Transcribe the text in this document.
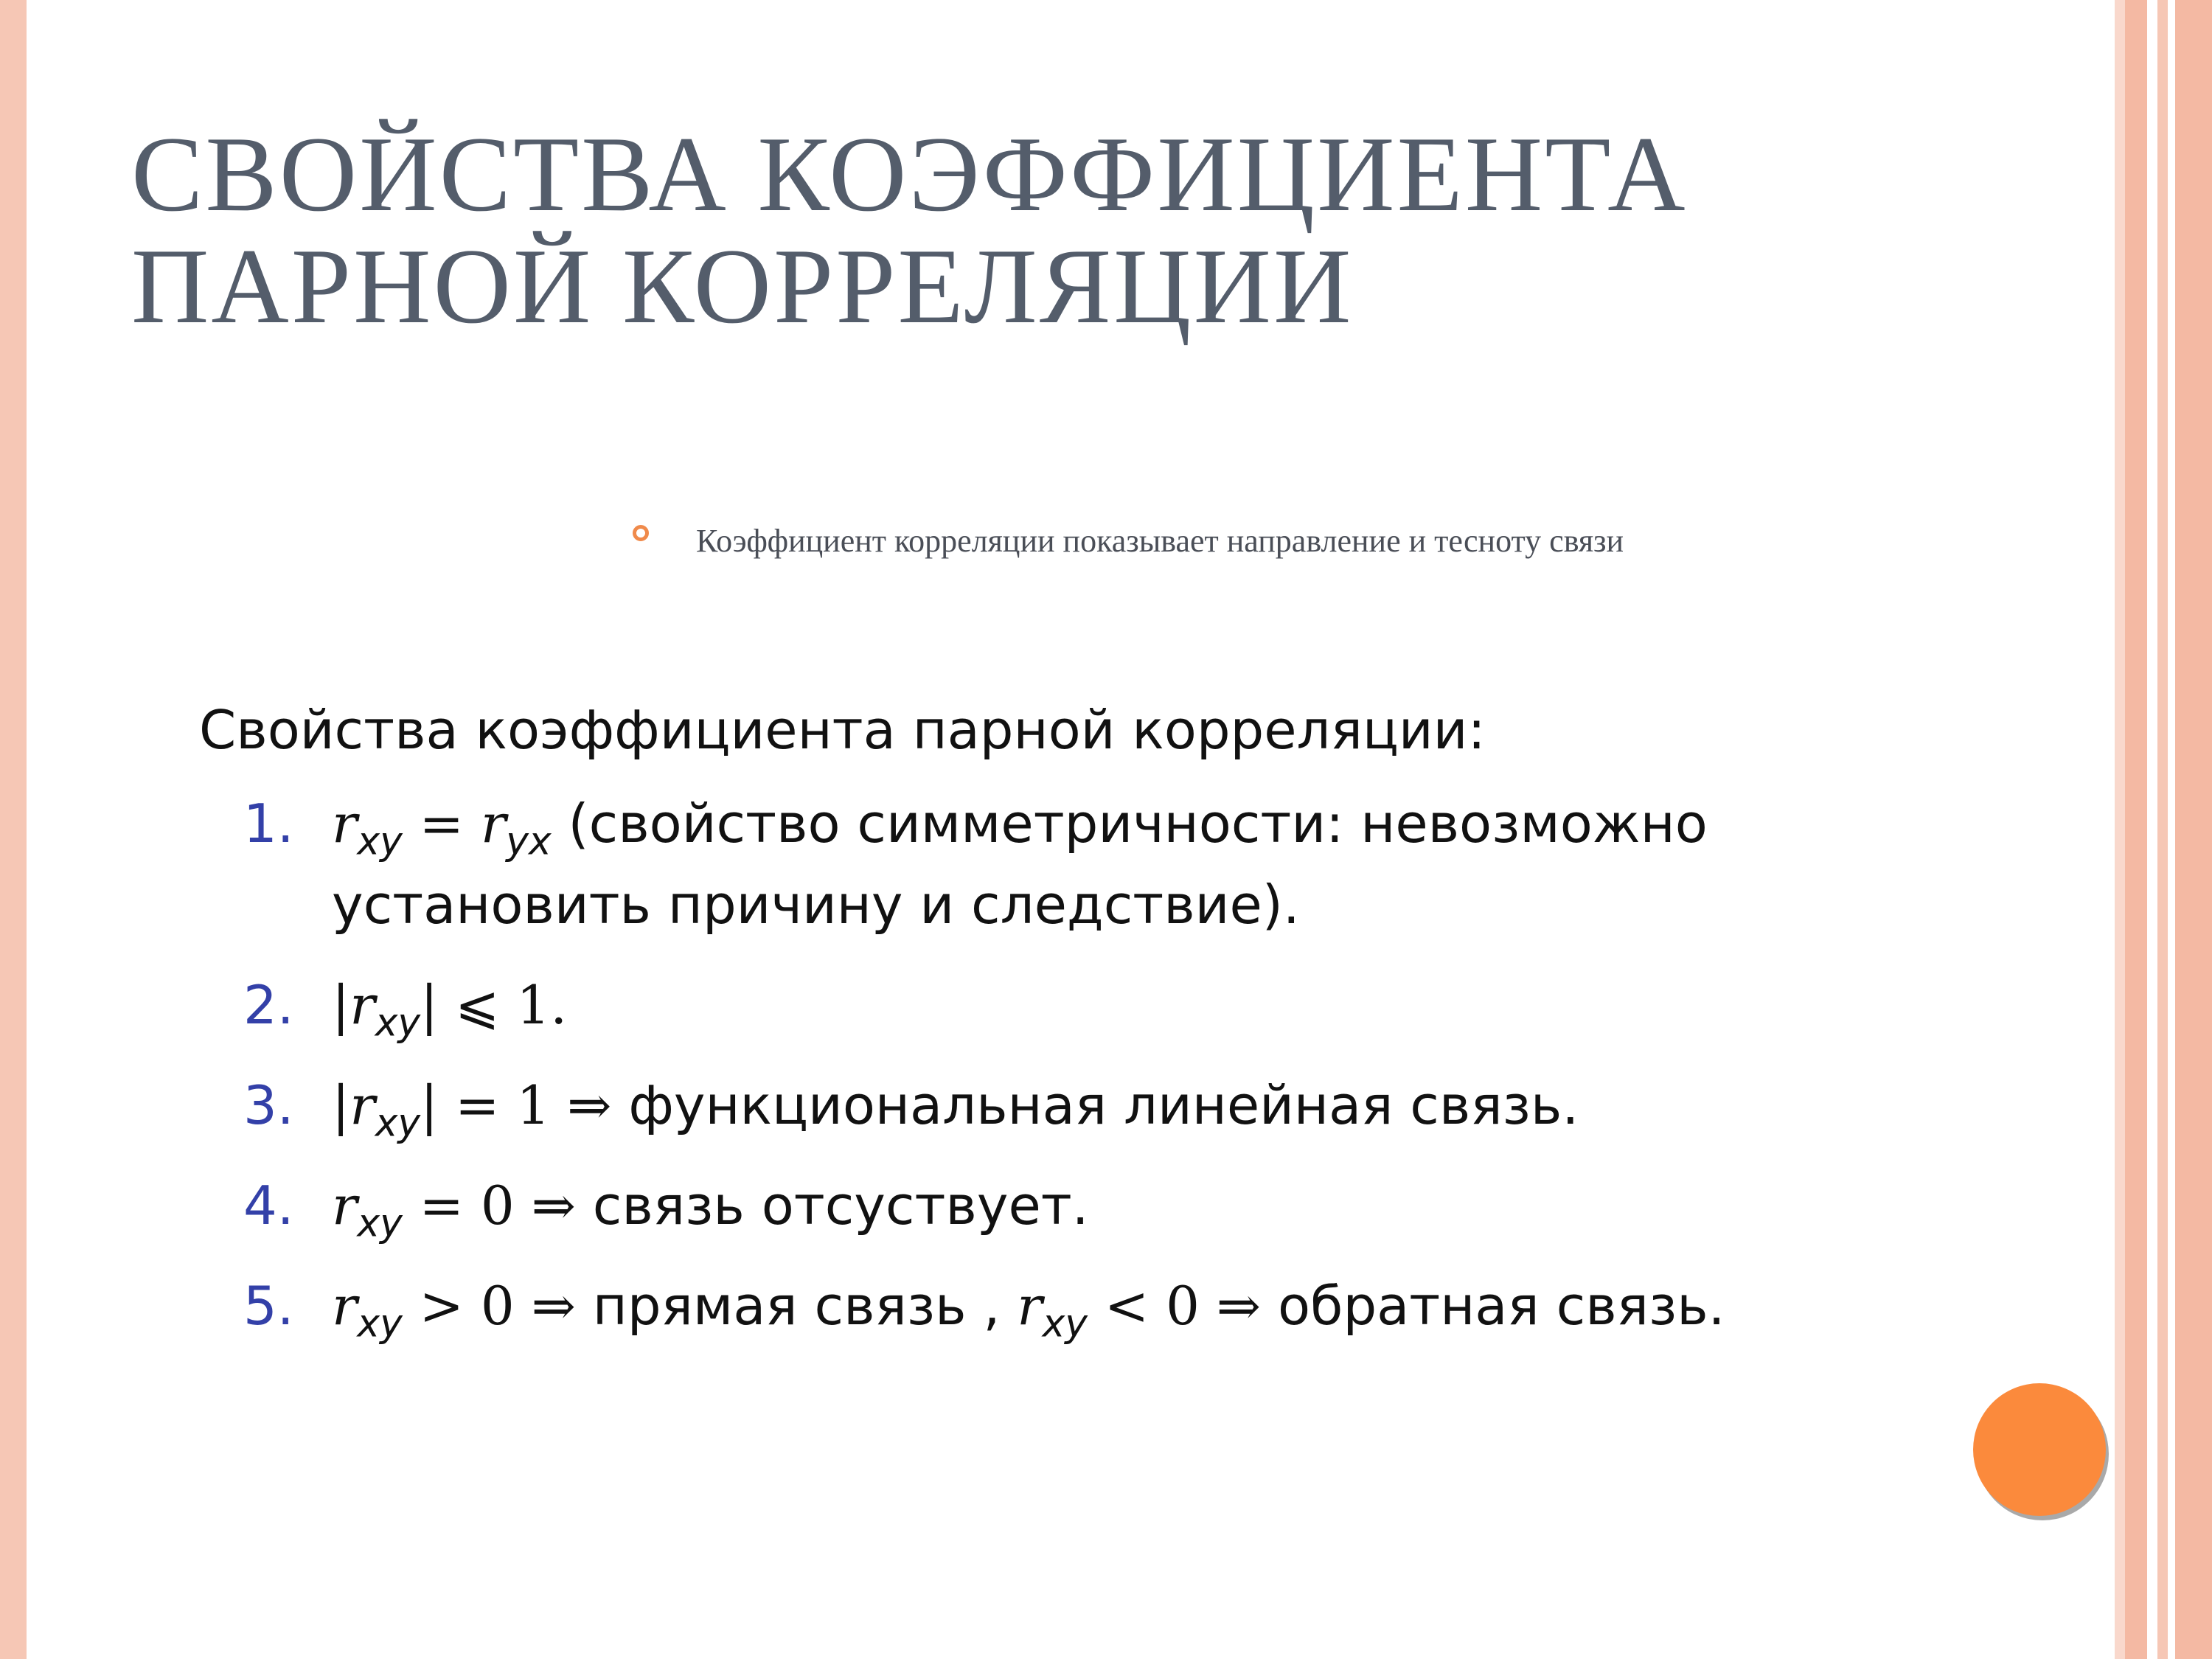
СВОЙСТВА КОЭФФИЦИЕНТА
ПАРНОЙ КОРРЕЛЯЦИИ
Коэффициент корреляции показывает направление и тесноту связи
Свойства коэффициента парной корреляции:
1. $r_{xy} = r_{yx}$ (свойство симметричности: невозможно
установить причину и следствие).
2. $|r_{xy}|$ ⩽ 1.
3. $|r_{xy}| = 1$ ⇒ функциональная линейная связь.
4. $r_{xy} = 0$ ⇒ связь отсуствует.
5. $r_{xy} > 0$ ⇒ прямая связь , $r_{xy} < 0$ ⇒ обратная связь.
